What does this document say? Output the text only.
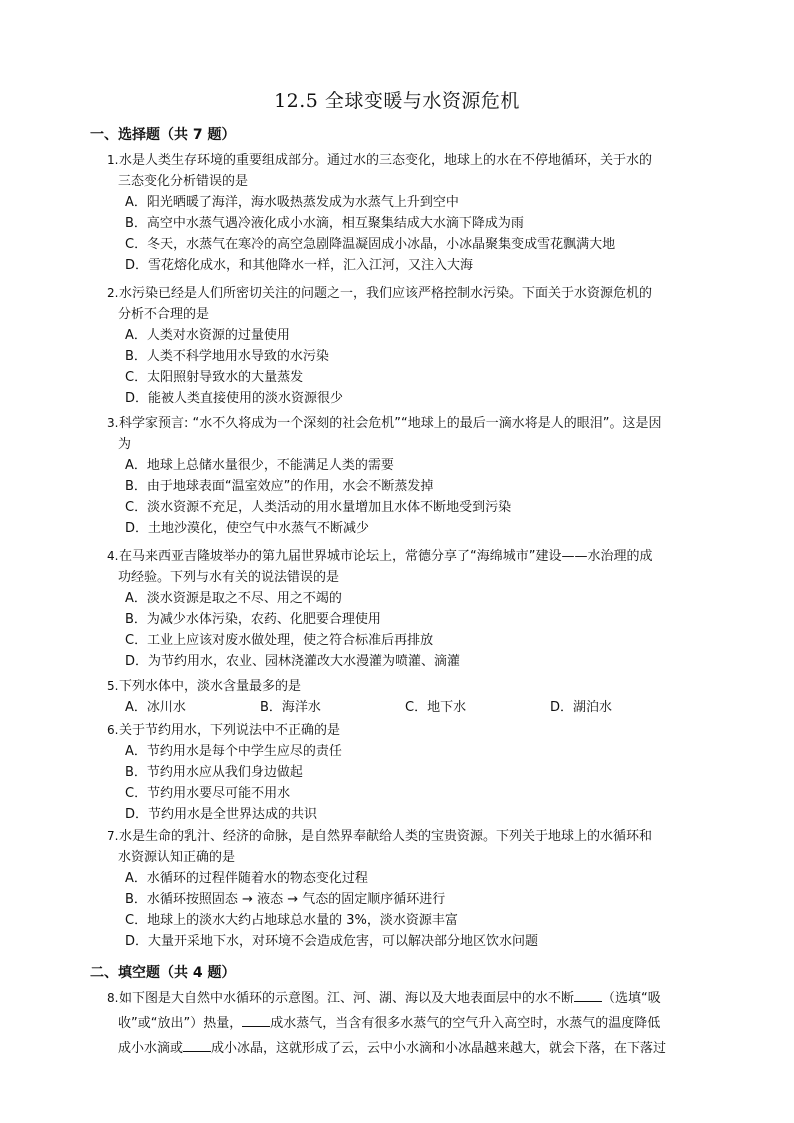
12.5 全球变暖与水资源危机
一、选择题（共 7 题）
1.水是人类生存环境的重要组成部分。通过水的三态变化，地球上的水在不停地循环，关于水的
三态变化分析错误的是
A．阳光晒暖了海洋，海水吸热蒸发成为水蒸气上升到空中
B．高空中水蒸气遇冷液化成小水滴，相互聚集结成大水滴下降成为雨
C．冬天，水蒸气在寒冷的高空急剧降温凝固成小冰晶，小冰晶聚集变成雪花飘满大地
D．雪花熔化成水，和其他降水一样，汇入江河，又注入大海
2.水污染已经是人们所密切关注的问题之一，我们应该严格控制水污染。下面关于水资源危机的
分析不合理的是
A．人类对水资源的过量使用
B．人类不科学地用水导致的水污染
C．太阳照射导致水的大量蒸发
D．能被人类直接使用的淡水资源很少
3.科学家预言: “水不久将成为一个深刻的社会危机”“地球上的最后一滴水将是人的眼泪”。这是因
为
A．地球上总储水量很少，不能满足人类的需要
B．由于地球表面“温室效应”的作用，水会不断蒸发掉
C．淡水资源不充足，人类活动的用水量增加且水体不断地受到污染
D．土地沙漠化，使空气中水蒸气不断减少
4.在马来西亚吉隆坡举办的第九届世界城市论坛上，常德分享了“海绵城市”建设——水治理的成
功经验。下列与水有关的说法错误的是
A．淡水资源是取之不尽、用之不竭的
B．为减少水体污染，农药、化肥要合理使用
C．工业上应该对废水做处理，使之符合标准后再排放
D．为节约用水，农业、园林浇灌改大水漫灌为喷灌、滴灌
5.下列水体中，淡水含量最多的是
A．冰川水	B．海洋水	C．地下水	D．湖泊水
6.关于节约用水，下列说法中不正确的是
A．节约用水是每个中学生应尽的责任
B．节约用水应从我们身边做起
C．节约用水要尽可能不用水
D．节约用水是全世界达成的共识
7.水是生命的乳汁、经济的命脉，是自然界奉献给人类的宝贵资源。下列关于地球上的水循环和
水资源认知正确的是
A．水循环的过程伴随着水的物态变化过程
B．水循环按照固态 → 液态 → 气态的固定顺序循环进行
C．地球上的淡水大约占地球总水量的 3%，淡水资源丰富
D．大量开采地下水，对环境不会造成危害，可以解决部分地区饮水问题
二、填空题（共 4 题）
8.如下图是大自然中水循环的示意图。江、河、湖、海以及大地表面层中的水不断 （选填“吸
收”或“放出”）热量， 成水蒸气，当含有很多水蒸气的空气升入高空时，水蒸气的温度降低
成小水滴或 成小冰晶，这就形成了云，云中小水滴和小冰晶越来越大，就会下落，在下落过
